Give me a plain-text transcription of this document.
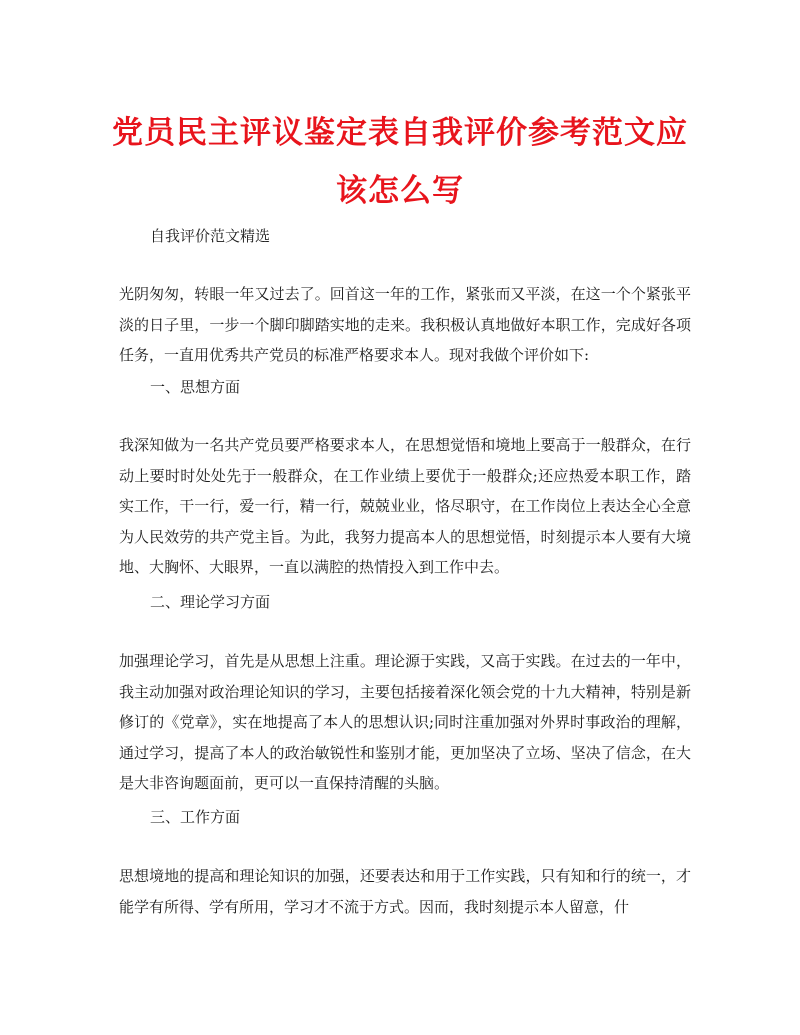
党员民主评议鉴定表自我评价参考范文应该怎么写
自我评价范文精选

光阴匆匆，转眼一年又过去了。回首这一年的工作，紧张而又平淡，在这一个个紧张平淡的日子里，一步一个脚印脚踏实地的走来。我积极认真地做好本职工作，完成好各项任务，一直用优秀共产党员的标准严格要求本人。现对我做个评价如下:

一、思想方面

我深知做为一名共产党员要严格要求本人，在思想觉悟和境地上要高于一般群众，在行动上要时时处处先于一般群众，在工作业绩上要优于一般群众;还应热爱本职工作，踏实工作，干一行，爱一行，精一行，兢兢业业，恪尽职守，在工作岗位上表达全心全意为人民效劳的共产党主旨。为此，我努力提高本人的思想觉悟，时刻提示本人要有大境地、大胸怀、大眼界，一直以满腔的热情投入到工作中去。

二、理论学习方面

加强理论学习，首先是从思想上注重。理论源于实践，又高于实践。在过去的一年中，我主动加强对政治理论知识的学习，主要包括接着深化领会党的十九大精神，特别是新修订的《党章》，实在地提高了本人的思想认识;同时注重加强对外界时事政治的理解，通过学习，提高了本人的政治敏锐性和鉴别才能，更加坚决了立场、坚决了信念，在大是大非咨询题面前，更可以一直保持清醒的头脑。

三、工作方面

思想境地的提高和理论知识的加强，还要表达和用于工作实践，只有知和行的统一，才能学有所得、学有所用，学习才不流于方式。因而，我时刻提示本人留意，什
